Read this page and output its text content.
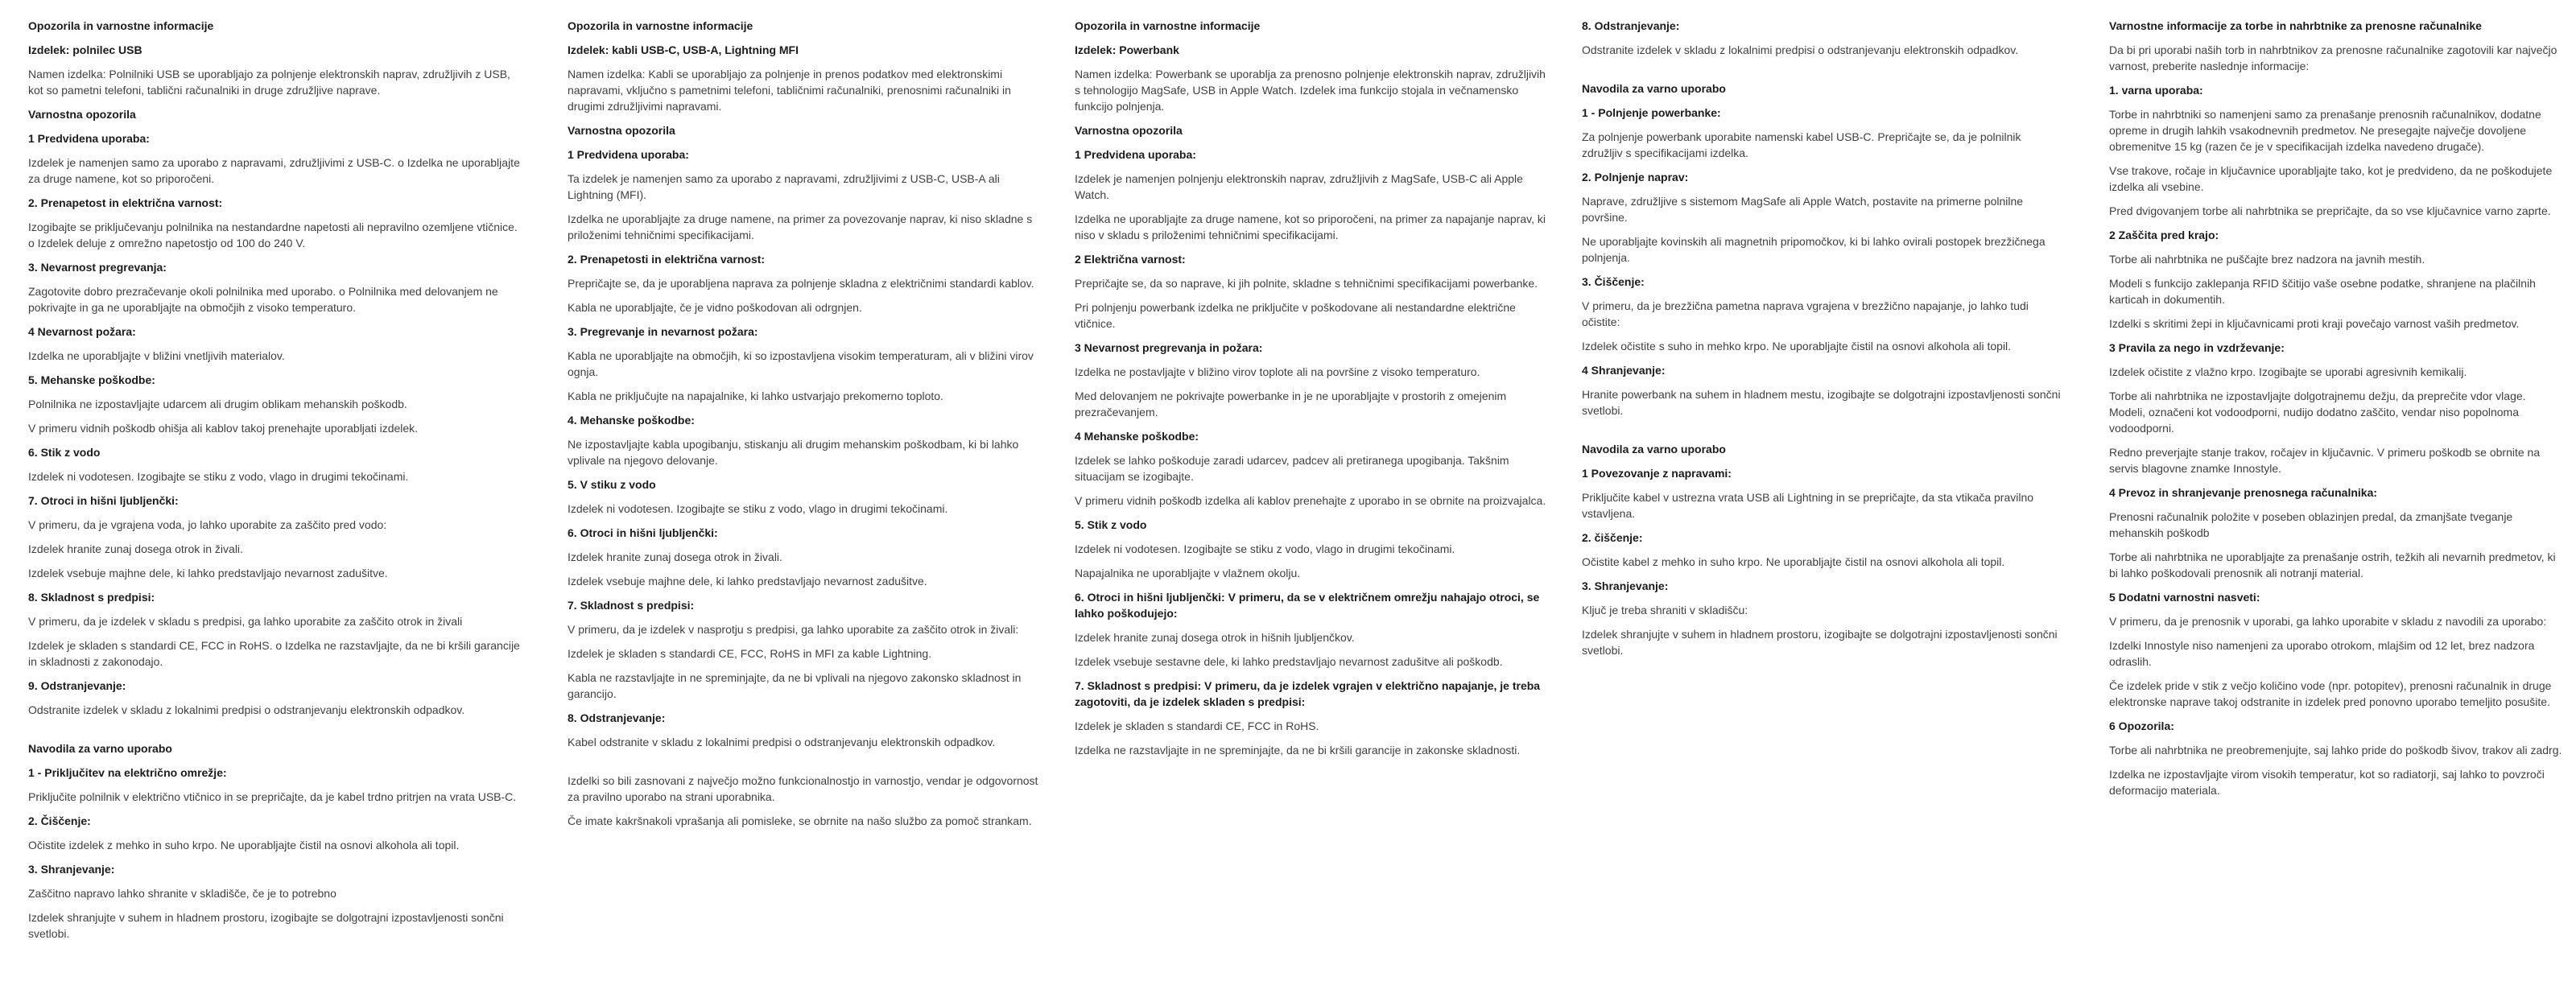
Opozorila in varnostne informacije
Izdelek: polnilec USB
Namen izdelka: Polnilniki USB se uporabljajo za polnjenje elektronskih naprav, združljivih z USB, kot so pametni telefoni, tablični računalniki in druge združljive naprave.
Varnostna opozorila
1 Predvidena uporaba:
Izdelek je namenjen samo za uporabo z napravami, združljivimi z USB-C. o Izdelka ne uporabljajte za druge namene, kot so priporočeni.
2. Prenapetost in električna varnost:
Izogibajte se priključevanju polnilnika na nestandardne napetosti ali nepravilno ozemljene vtičnice. o Izdelek deluje z omrežno napetostjo od 100 do 240 V.
3. Nevarnost pregrevanja:
Zagotovite dobro prezračevanje okoli polnilnika med uporabo. o Polnilnika med delovanjem ne pokrivajte in ga ne uporabljajte na območjih z visoko temperaturo.
4 Nevarnost požara:
Izdelka ne uporabljajte v bližini vnetljivih materialov.
5. Mehanske poškodbe:
Polnilnika ne izpostavljajte udarcem ali drugim oblikam mehanskih poškodb.
V primeru vidnih poškodb ohišja ali kablov takoj prenehajte uporabljati izdelek.
6. Stik z vodo
Izdelek ni vodotesen. Izogibajte se stiku z vodo, vlago in drugimi tekočinami.
7. Otroci in hišni ljubljenčki:
V primeru, da je vgrajena voda, jo lahko uporabite za zaščito pred vodo:
Izdelek hranite zunaj dosega otrok in živali.
Izdelek vsebuje majhne dele, ki lahko predstavljajo nevarnost zadušitve.
8. Skladnost s predpisi:
V primeru, da je izdelek v skladu s predpisi, ga lahko uporabite za zaščito otrok in živali
Izdelek je skladen s standardi CE, FCC in RoHS. o Izdelka ne razstavljajte, da ne bi kršili garancije in skladnosti z zakonodajo.
9. Odstranjevanje:
Odstranite izdelek v skladu z lokalnimi predpisi o odstranjevanju elektronskih odpadkov.
Navodila za varno uporabo
1 - Priključitev na električno omrežje:
Priključite polnilnik v električno vtičnico in se prepričajte, da je kabel trdno pritrjen na vrata USB-C.
2. Čiščenje:
Očistite izdelek z mehko in suho krpo. Ne uporabljajte čistil na osnovi alkohola ali topil.
3. Shranjevanje:
Zaščitno napravo lahko shranite v skladišče, če je to potrebno
Izdelek shranjujte v suhem in hladnem prostoru, izogibajte se dolgotrajni izpostavljenosti sončni svetlobi.
Opozorila in varnostne informacije
Izdelek: kabli USB-C, USB-A, Lightning MFI
Namen izdelka: Kabli se uporabljajo za polnjenje in prenos podatkov med elektronskimi napravami, vključno s pametnimi telefoni, tabličnimi računalniki, prenosnimi računalniki in drugimi združljivimi napravami.
Varnostna opozorila
1 Predvidena uporaba:
Ta izdelek je namenjen samo za uporabo z napravami, združljivimi z USB-C, USB-A ali Lightning (MFI).
Izdelka ne uporabljajte za druge namene, na primer za povezovanje naprav, ki niso skladne s priloženimi tehničnimi specifikacijami.
2. Prenapetosti in električna varnost:
Prepričajte se, da je uporabljena naprava za polnjenje skladna z električnimi standardi kablov.
Kabla ne uporabljajte, če je vidno poškodovan ali odrgnjen.
3. Pregrevanje in nevarnost požara:
Kabla ne uporabljajte na območjih, ki so izpostavljena visokim temperaturam, ali v bližini virov ognja.
Kabla ne priključujte na napajalnike, ki lahko ustvarjajo prekomerno toploto.
4. Mehanske poškodbe:
Ne izpostavljajte kabla upogibanju, stiskanju ali drugim mehanskim poškodbam, ki bi lahko vplivale na njegovo delovanje.
5. V stiku z vodo
Izdelek ni vodotesen. Izogibajte se stiku z vodo, vlago in drugimi tekočinami.
6. Otroci in hišni ljubljenčki:
Izdelek hranite zunaj dosega otrok in živali.
Izdelek vsebuje majhne dele, ki lahko predstavljajo nevarnost zadušitve.
7. Skladnost s predpisi:
V primeru, da je izdelek v nasprotju s predpisi, ga lahko uporabite za zaščito otrok in živali:
Izdelek je skladen s standardi CE, FCC, RoHS in MFI za kable Lightning.
Kabla ne razstavljajte in ne spreminjajte, da ne bi vplivali na njegovo zakonsko skladnost in garancijo.
8. Odstranjevanje:
Kabel odstranite v skladu z lokalnimi predpisi o odstranjevanju elektronskih odpadkov.
Izdelki so bili zasnovani z največjo možno funkcionalnostjo in varnostjo, vendar je odgovornost za pravilno uporabo na strani uporabnika.
Če imate kakršnakoli vprašanja ali pomisleke, se obrnite na našo službo za pomoč strankam.
Opozorila in varnostne informacije
Izdelek: Powerbank
Namen izdelka: Powerbank se uporablja za prenosno polnjenje elektronskih naprav, združljivih s tehnologijo MagSafe, USB in Apple Watch. Izdelek ima funkcijo stojala in večnamensko funkcijo polnjenja.
Varnostna opozorila
1 Predvidena uporaba:
Izdelek je namenjen polnjenju elektronskih naprav, združljivih z MagSafe, USB-C ali Apple Watch.
Izdelka ne uporabljajte za druge namene, kot so priporočeni, na primer za napajanje naprav, ki niso v skladu s priloženimi tehničnimi specifikacijami.
2 Električna varnost:
Prepričajte se, da so naprave, ki jih polnite, skladne s tehničnimi specifikacijami powerbanke.
Pri polnjenju powerbank izdelka ne priključite v poškodovane ali nestandardne električne vtičnice.
3 Nevarnost pregrevanja in požara:
Izdelka ne postavljajte v bližino virov toplote ali na površine z visoko temperaturo.
Med delovanjem ne pokrivajte powerbanke in je ne uporabljajte v prostorih z omejenim prezračevanjem.
4 Mehanske poškodbe:
Izdelek se lahko poškoduje zaradi udarcev, padcev ali pretiranega upogibanja. Takšnim situacijam se izogibajte.
V primeru vidnih poškodb izdelka ali kablov prenehajte z uporabo in se obrnite na proizvajalca.
5. Stik z vodo
Izdelek ni vodotesen. Izogibajte se stiku z vodo, vlago in drugimi tekočinami.
Napajalnika ne uporabljajte v vlažnem okolju.
6. Otroci in hišni ljubljenčki: V primeru, da se v električnem omrežju nahajajo otroci, se lahko poškodujejo:
Izdelek hranite zunaj dosega otrok in hišnih ljubljenčkov.
Izdelek vsebuje sestavne dele, ki lahko predstavljajo nevarnost zadušitve ali poškodb.
7. Skladnost s predpisi: V primeru, da je izdelek vgrajen v električno napajanje, je treba zagotoviti, da je izdelek skladen s predpisi:
Izdelek je skladen s standardi CE, FCC in RoHS.
Izdelka ne razstavljajte in ne spreminjajte, da ne bi kršili garancije in zakonske skladnosti.
8. Odstranjevanje:
Odstranite izdelek v skladu z lokalnimi predpisi o odstranjevanju elektronskih odpadkov.
Navodila za varno uporabo
1 - Polnjenje powerbanke:
Za polnjenje powerbank uporabite namenski kabel USB-C. Prepričajte se, da je polnilnik združljiv s specifikacijami izdelka.
2. Polnjenje naprav:
Naprave, združljive s sistemom MagSafe ali Apple Watch, postavite na primerne polnilne površine.
Ne uporabljajte kovinskih ali magnetnih pripomočkov, ki bi lahko ovirali postopek brezžičnega polnjenja.
3. Čiščenje:
V primeru, da je brezžična pametna naprava vgrajena v brezžično napajanje, jo lahko tudi očistite:
Izdelek očistite s suho in mehko krpo. Ne uporabljajte čistil na osnovi alkohola ali topil.
4 Shranjevanje:
Hranite powerbank na suhem in hladnem mestu, izogibajte se dolgotrajni izpostavljenosti sončni svetlobi.
Navodila za varno uporabo
1 Povezovanje z napravami:
Priključite kabel v ustrezna vrata USB ali Lightning in se prepričajte, da sta vtikača pravilno vstavljena.
2. čiščenje:
Očistite kabel z mehko in suho krpo. Ne uporabljajte čistil na osnovi alkohola ali topil.
3. Shranjevanje:
Ključ je treba shraniti v skladišču:
Izdelek shranjujte v suhem in hladnem prostoru, izogibajte se dolgotrajni izpostavljenosti sončni svetlobi.
Varnostne informacije za torbe in nahrbtnike za prenosne računalnike
Da bi pri uporabi naših torb in nahrbtnikov za prenosne računalnike zagotovili kar največjo varnost, preberite naslednje informacije:
1. varna uporaba:
Torbe in nahrbtniki so namenjeni samo za prenašanje prenosnih računalnikov, dodatne opreme in drugih lahkih vsakodnevnih predmetov. Ne presegajte največje dovoljene obremenitve 15 kg (razen če je v specifikacijah izdelka navedeno drugače).
Vse trakove, ročaje in ključavnice uporabljajte tako, kot je predvideno, da ne poškodujete izdelka ali vsebine.
Pred dvigovanjem torbe ali nahrbtnika se prepričajte, da so vse ključavnice varno zaprte.
2 Zaščita pred krajo:
Torbe ali nahrbtnika ne puščajte brez nadzora na javnih mestih.
Modeli s funkcijo zaklepanja RFID ščitijo vaše osebne podatke, shranjene na plačilnih karticah in dokumentih.
Izdelki s skritimi žepi in ključavnicami proti kraji povečajo varnost vaših predmetov.
3 Pravila za nego in vzdrževanje:
Izdelek očistite z vlažno krpo. Izogibajte se uporabi agresivnih kemikalij.
Torbe ali nahrbtnika ne izpostavljajte dolgotrajnemu dežju, da preprečite vdor vlage. Modeli, označeni kot vodoodporni, nudijo dodatno zaščito, vendar niso popolnoma vodoodporni.
Redno preverjajte stanje trakov, ročajev in ključavnic. V primeru poškodb se obrnite na servis blagovne znamke Innostyle.
4 Prevoz in shranjevanje prenosnega računalnika:
Prenosni računalnik položite v poseben oblazinjen predal, da zmanjšate tveganje mehanskih poškodb
Torbe ali nahrbtnika ne uporabljajte za prenašanje ostrih, težkih ali nevarnih predmetov, ki bi lahko poškodovali prenosnik ali notranji material.
5 Dodatni varnostni nasveti:
V primeru, da je prenosnik v uporabi, ga lahko uporabite v skladu z navodili za uporabo:
Izdelki Innostyle niso namenjeni za uporabo otrokom, mlajšim od 12 let, brez nadzora odraslih.
Če izdelek pride v stik z večjo količino vode (npr. potopitev), prenosni računalnik in druge elektronske naprave takoj odstranite in izdelek pred ponovno uporabo temeljito posušite.
6 Opozorila:
Torbe ali nahrbtnika ne preobremenjujte, saj lahko pride do poškodb šivov, trakov ali zadrg.
Izdelka ne izpostavljajte virom visokih temperatur, kot so radiatorji, saj lahko to povzroči deformacijo materiala.
